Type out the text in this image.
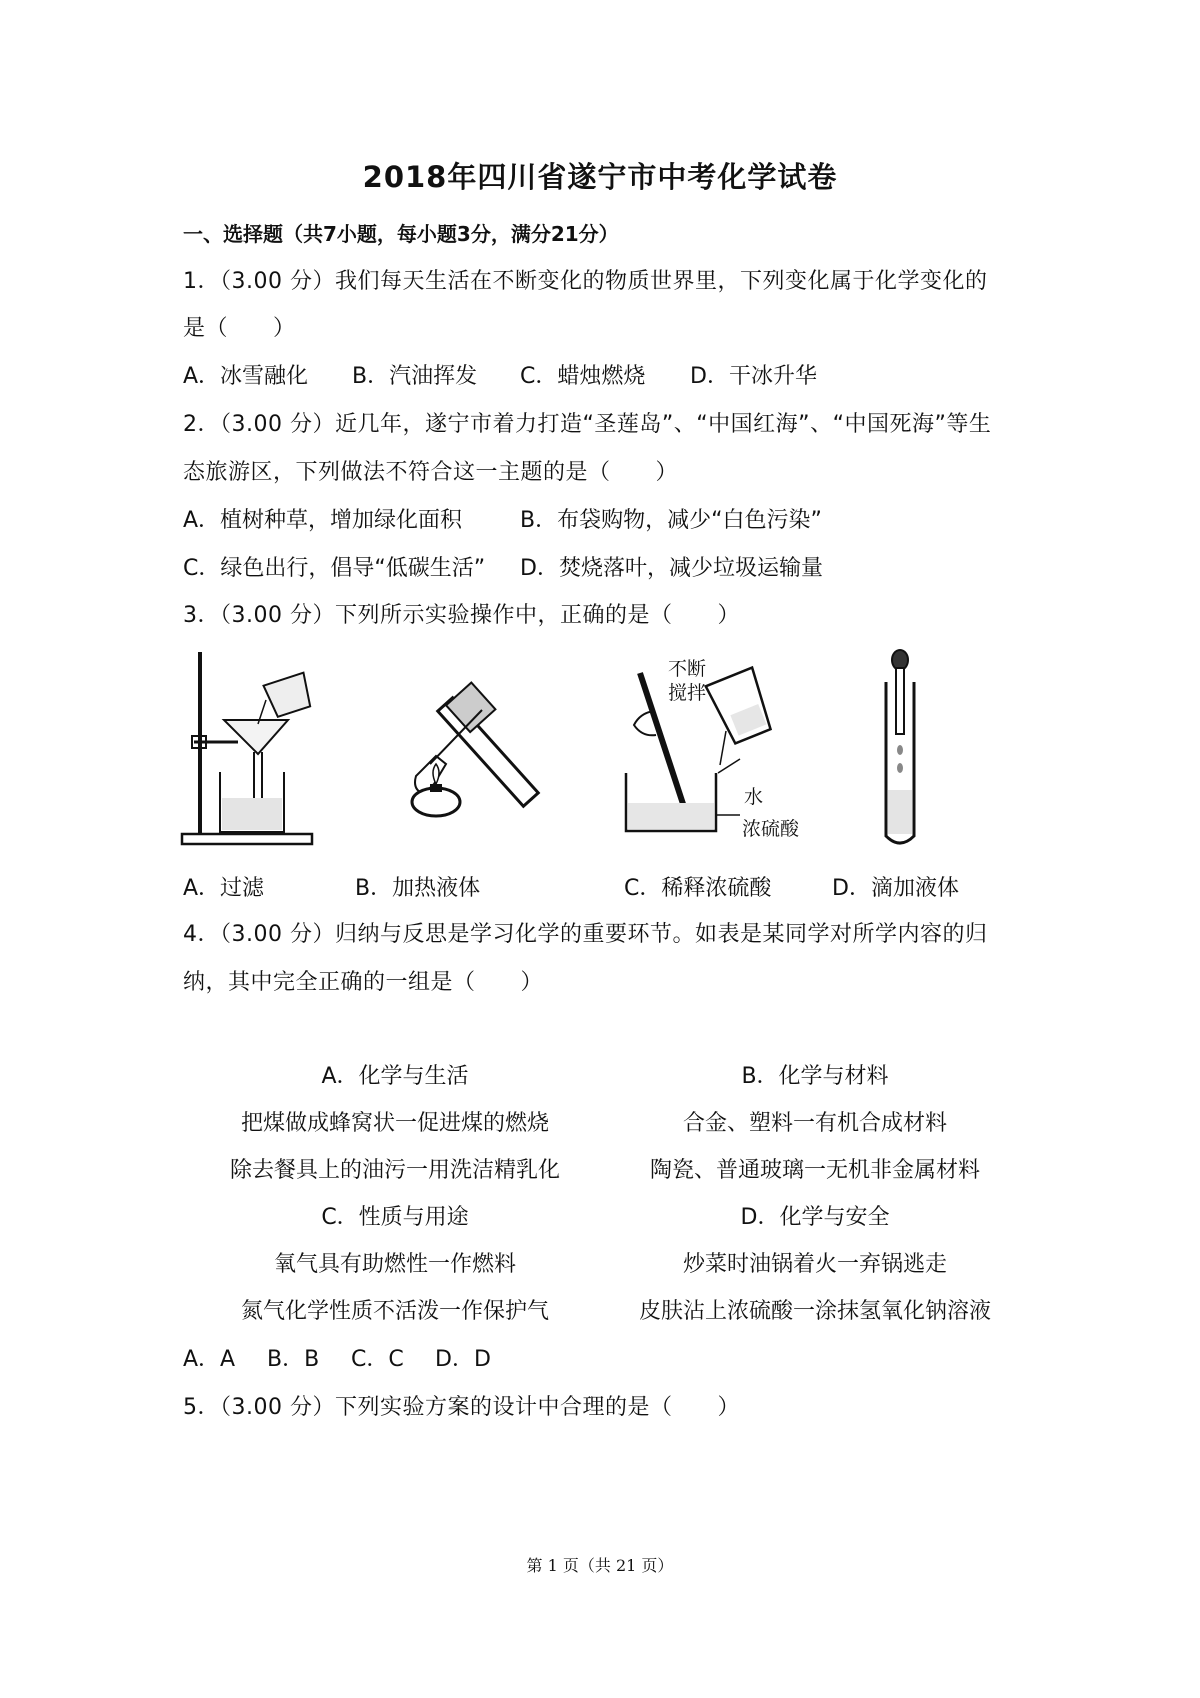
2018年四川省遂宁市中考化学试卷
一、选择题（共7小题，每小题3分，满分21分）
1．（3.00 分）我们每天生活在不断变化的物质世界里，下列变化属于化学变化的
是（　　）
A．冰雪融化 B．汽油挥发 C．蜡烛燃烧 D．干冰升华
2．（3.00 分）近几年，遂宁市着力打造“圣莲岛”、“中国红海”、“中国死海”等生
态旅游区，下列做法不符合这一主题的是（　　）
A．植树种草，增加绿化面积	B．布袋购物，减少“白色污染”
C．绿色出行，倡导“低碳生活” D．焚烧落叶，减少垃圾运输量
3．（3.00 分）下列所示实验操作中，正确的是（　　）
不断
搅拌
水
浓硫酸
A．过滤	B．加热液体	C．稀释浓硫酸	D．滴加液体
4．（3.00 分）归纳与反思是学习化学的重要环节。如表是某同学对所学内容的归
纳，其中完全正确的一组是（　　）
A．化学与生活	B．化学与材料
把煤做成蜂窝状一促进煤的燃烧	合金、塑料一有机合成材料
除去餐具上的油污一用洗洁精乳化	陶瓷、普通玻璃一无机非金属材料
C．性质与用途	D．化学与安全
氧气具有助燃性一作燃料	炒菜时油锅着火一弃锅逃走
氮气化学性质不活泼一作保护气	皮肤沾上浓硫酸一涂抹氢氧化钠溶液
A．A B．B C．C D．D
5．（3.00 分）下列实验方案的设计中合理的是（　　）
第 1 页（共 21 页）
